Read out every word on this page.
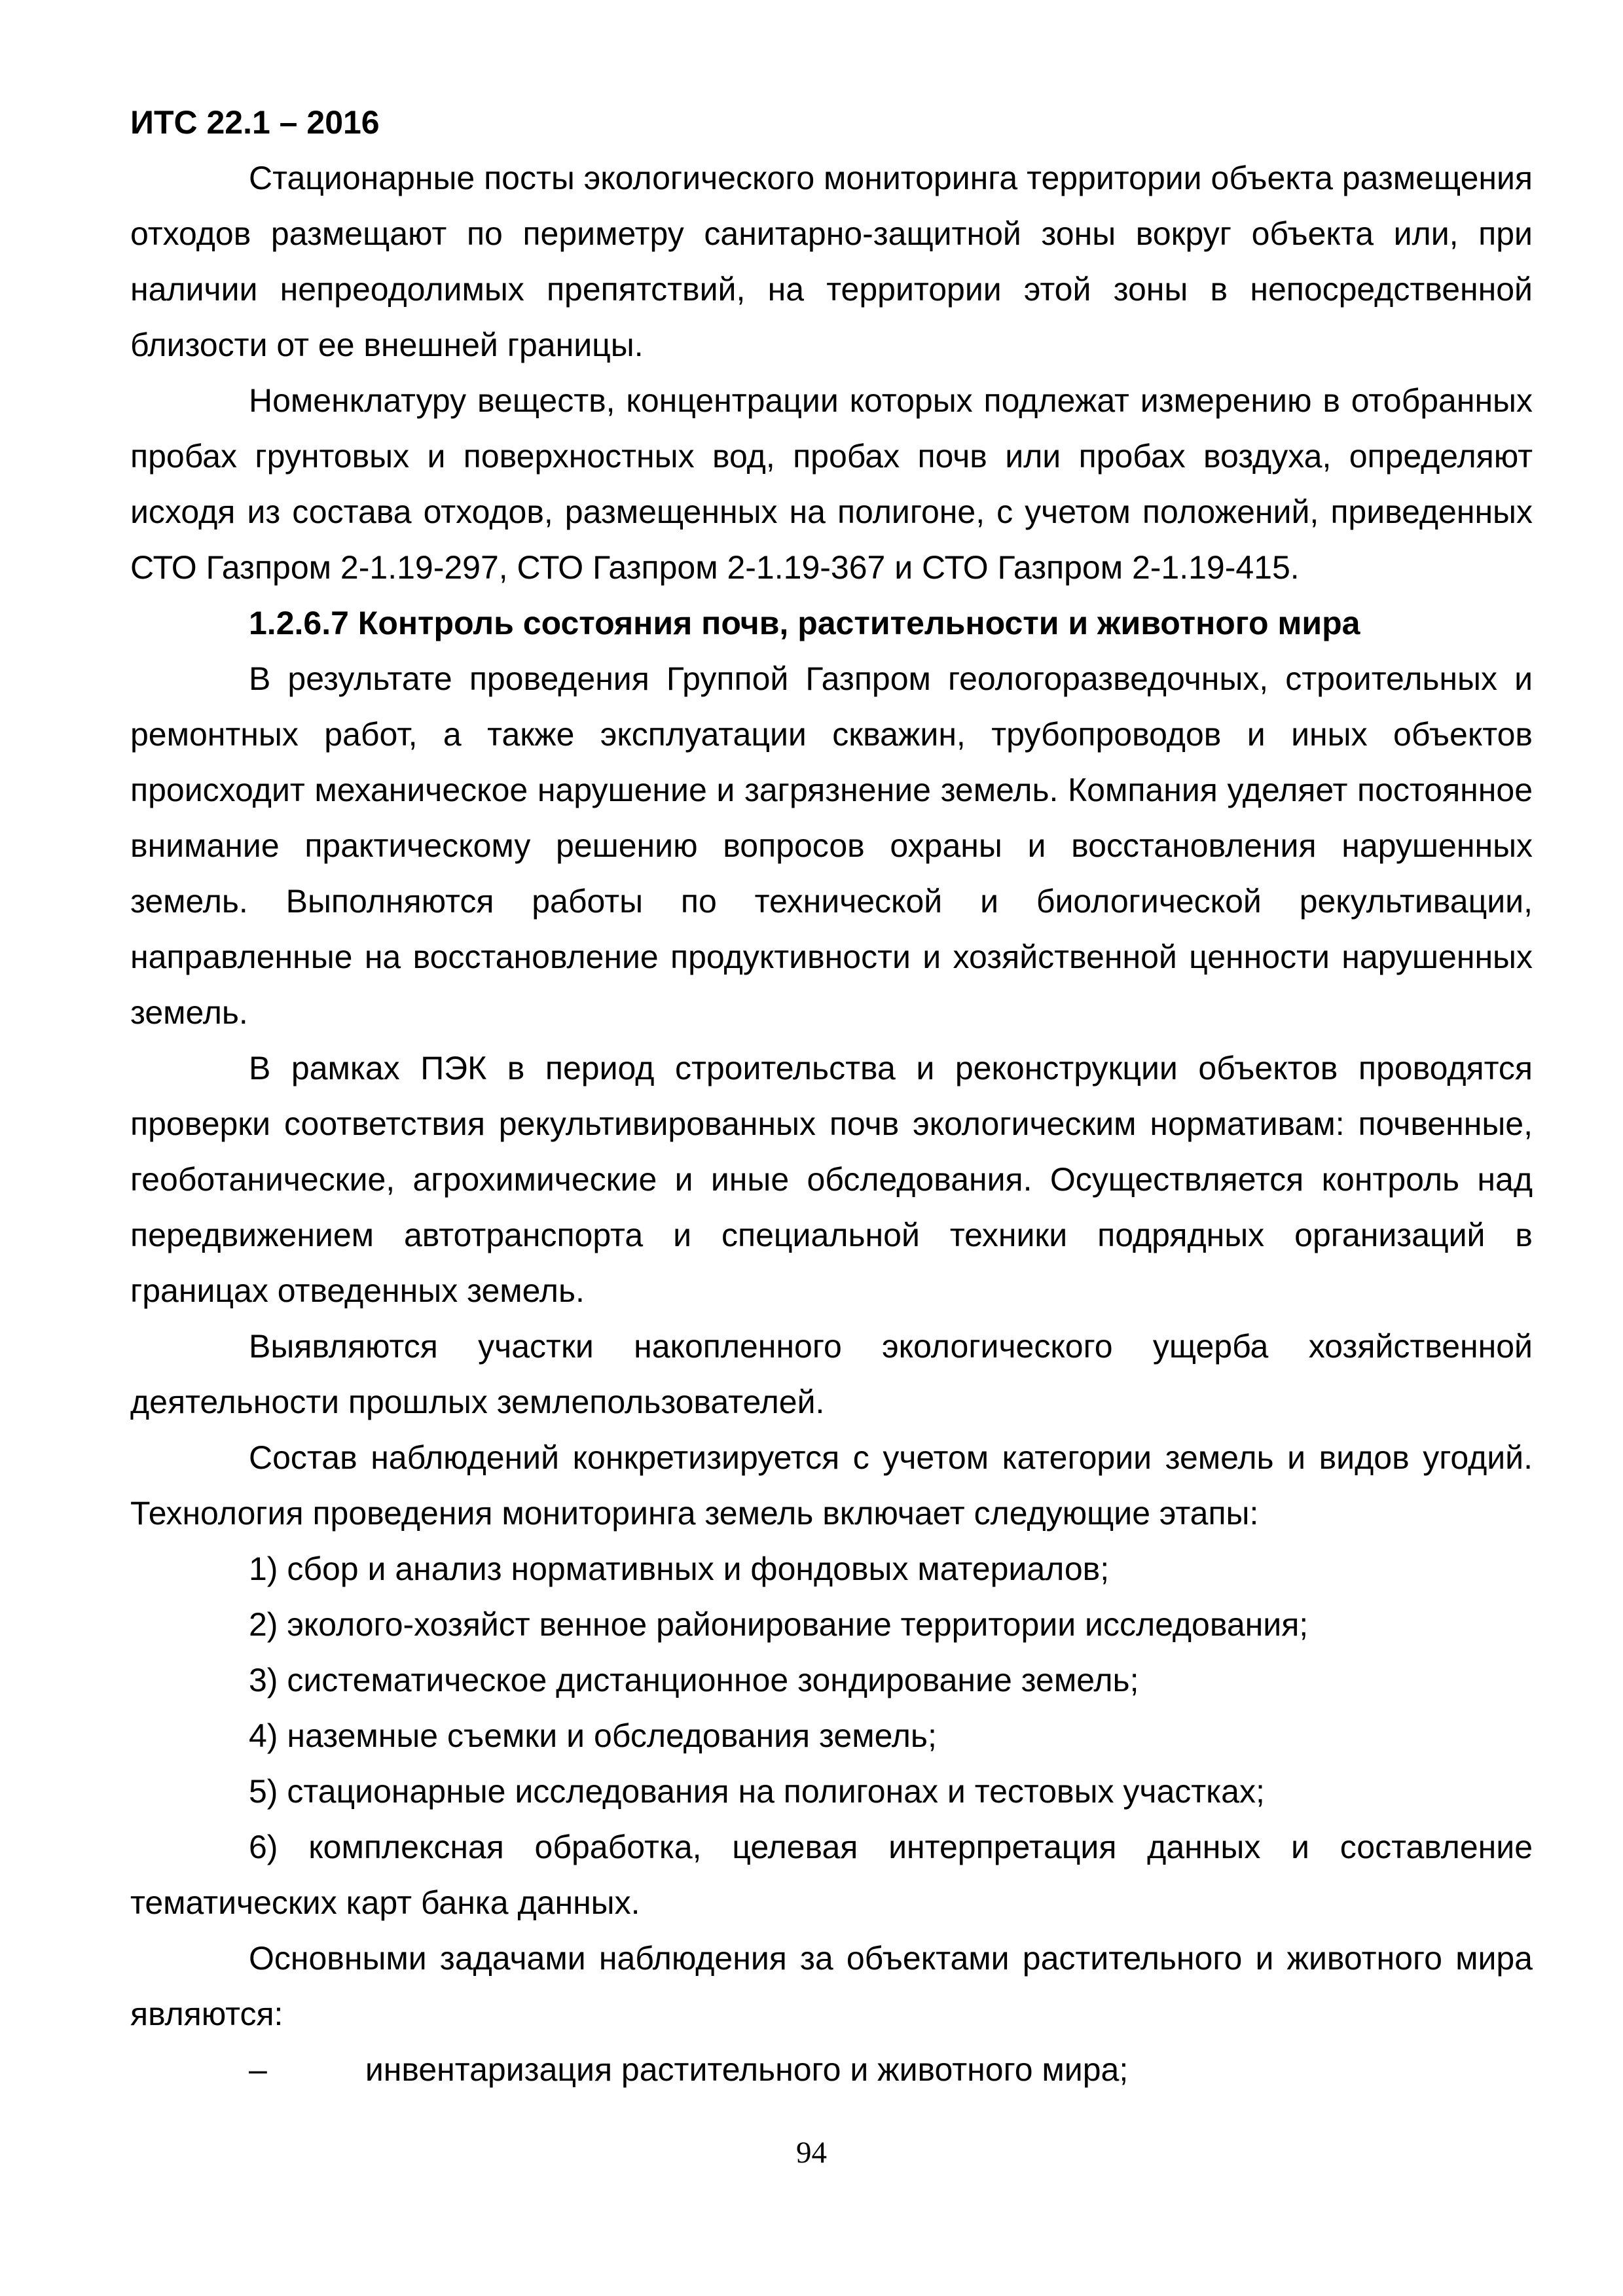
ИТС 22.1 – 2016

Стационарные посты экологического мониторинга территории объекта размещения отходов размещают по периметру санитарно-защитной зоны вокруг объекта или, при наличии непреодолимых препятствий, на территории этой зоны в непосредственной близости от ее внешней границы.

Номенклатуру веществ, концентрации которых подлежат измерению в отобранных пробах грунтовых и поверхностных вод, пробах почв или пробах воздуха, определяют исходя из состава отходов, размещенных на полигоне, с учетом положений, приведенных СТО Газпром 2-1.19-297, СТО Газпром 2-1.19-367 и СТО Газпром 2-1.19-415.

1.2.6.7 Контроль состояния почв, растительности и животного мира

В результате проведения Группой Газпром геологоразведочных, строительных и ремонтных работ, а также эксплуатации скважин, трубопроводов и иных объектов происходит механическое нарушение и загрязнение земель. Компания уделяет постоянное внимание практическому решению вопросов охраны и восстановления нарушенных земель. Выполняются работы по технической и биологической рекультивации, направленные на восстановление продуктивности и хозяйственной ценности нарушенных земель.

В рамках ПЭК в период строительства и реконструкции объектов проводятся проверки соответствия рекультивированных почв экологическим нормативам: почвенные, геоботанические, агрохимические и иные обследования. Осуществляется контроль над передвижением автотранспорта и специальной техники подрядных организаций в границах отведенных земель.

Выявляются участки накопленного экологического ущерба хозяйственной деятельности прошлых землепользователей.

Состав наблюдений конкретизируется с учетом категории земель и видов угодий. Технология проведения мониторинга земель включает следующие этапы:

1) сбор и анализ нормативных и фондовых материалов;

2) эколого-хозяйст венное районирование территории исследования;

3) систематическое дистанционное зондирование земель;

4) наземные съемки и обследования земель;

5) стационарные исследования на полигонах и тестовых участках;

6) комплексная обработка, целевая интерпретация данных и составление тематических карт банка данных.

Основными задачами наблюдения за объектами растительного и животного мира являются:

–	инвентаризация растительного и животного мира;

94
